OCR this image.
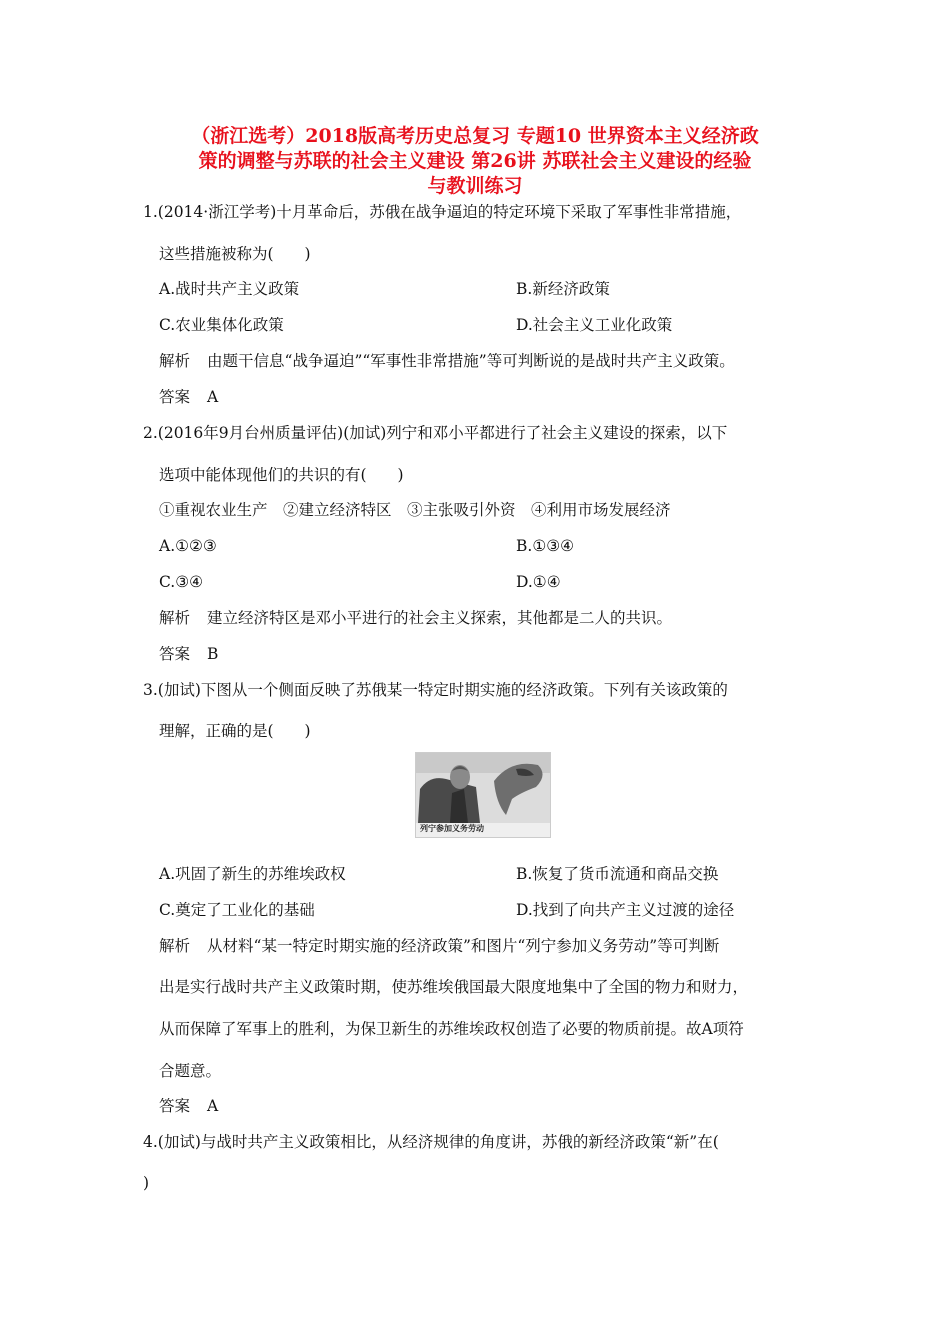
（浙江选考）2018版高考历史总复习 专题10 世界资本主义经济政
策的调整与苏联的社会主义建设 第26讲 苏联社会主义建设的经验
与教训练习
1.(2014·浙江学考)十月革命后，苏俄在战争逼迫的特定环境下采取了军事性非常措施，
这些措施被称为(　　)
A.战时共产主义政策	B.新经济政策
C.农业集体化政策	D.社会主义工业化政策
解析 由题干信息“战争逼迫”“军事性非常措施”等可判断说的是战时共产主义政策。
答案 A
2.(2016年9月台州质量评估)(加试)列宁和邓小平都进行了社会主义建设的探索，以下
选项中能体现他们的共识的有(　　)
①重视农业生产　②建立经济特区　③主张吸引外资　④利用市场发展经济
A.①②③	B.①③④
C.③④	D.①④
解析 建立经济特区是邓小平进行的社会主义探索，其他都是二人的共识。
答案 B
3.(加试)下图从一个侧面反映了苏俄某一特定时期实施的经济政策。下列有关该政策的
理解，正确的是(　　)
列宁参加义务劳动
A.巩固了新生的苏维埃政权	B.恢复了货币流通和商品交换
C.奠定了工业化的基础	D.找到了向共产主义过渡的途径
解析 从材料“某一特定时期实施的经济政策”和图片“列宁参加义务劳动”等可判断
出是实行战时共产主义政策时期，使苏维埃俄国最大限度地集中了全国的物力和财力，
从而保障了军事上的胜利，为保卫新生的苏维埃政权创造了必要的物质前提。故A项符
合题意。
答案 A
4.(加试)与战时共产主义政策相比，从经济规律的角度讲，苏俄的新经济政策“新”在(
)
